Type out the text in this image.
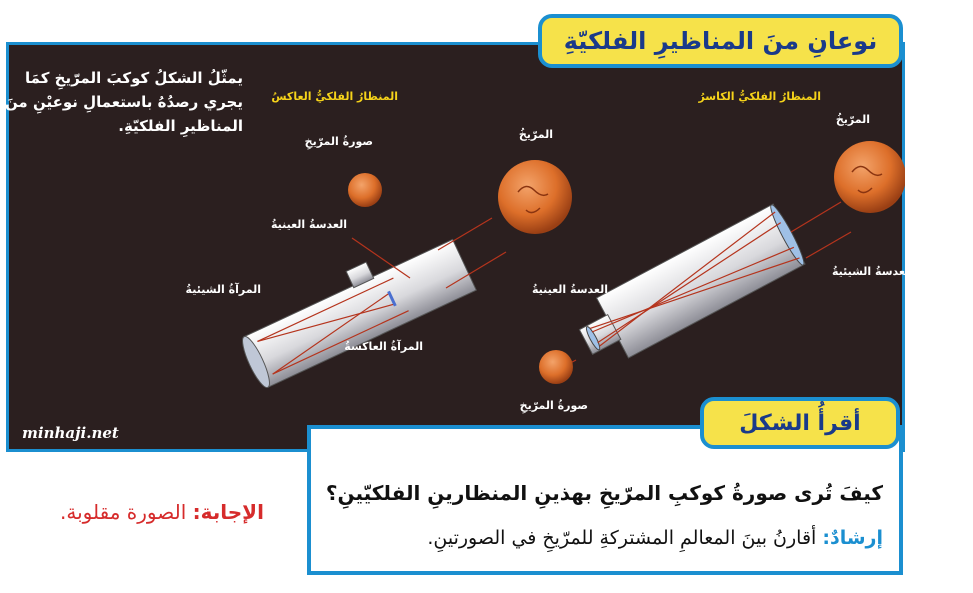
نوعانِ منَ المناظيرِ الفلكيّةِ
يمثّلُ الشكلُ كوكبَ المرّيخِ كمَا يجري رصدُهُ باستعمالِ نوعيْنِ منَ المناظيرِ الفلكيّةِ.
المنظارُ الفلكيُّ العاكسُ
المرّيخُ
صورةُ المرّيخِ
العدسةُ العينيةُ
المرآةُ الشيئيةُ
المرآةُ العاكسةُ
المنظارُ الفلكيُّ الكاسرُ
المرّيخُ
العدسةُ الشيئيةُ
العدسةُ العينيةُ
صورةُ المرّيخِ
minhaji.net	أقرأُ الشكلَ
كيفَ تُرى صورةُ كوكبِ المرّيخِ بهذينِ المنظارينِ الفلكيّينِ؟
إرشادٌ: أقارنُ بينَ المعالمِ المشتركةِ للمرّيخِ في الصورتينِ.
الإجابة: الصورة مقلوبة.
